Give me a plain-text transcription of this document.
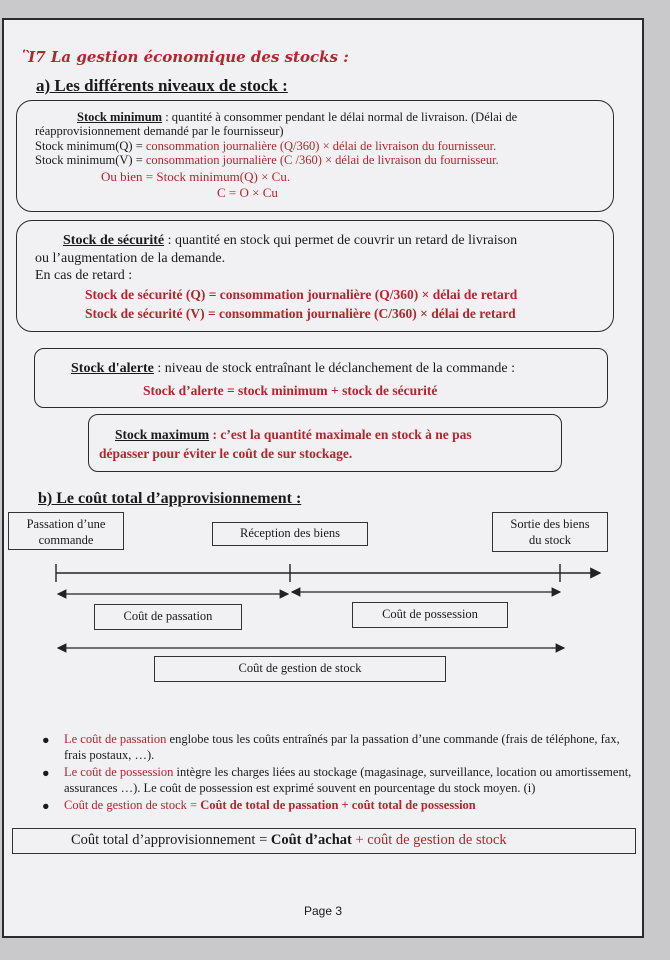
Ἳ7 La gestion économique des stocks :
a) Les différents niveaux de stock :
Stock minimum : quantité à consommer pendant le délai normal de livraison. (Délai de
réapprovisionnement demandé par le fournisseur)
Stock minimum(Q) = consommation journalière (Q/360) × délai de livraison du fournisseur.
Stock minimum(V) = consommation journalière (C /360) × délai de livraison du fournisseur.
Ou bien = Stock minimum(Q) × Cu.
C = O × Cu
Stock de sécurité : quantité en stock qui permet de couvrir un retard de livraison
ou l’augmentation de la demande.
En cas de retard :
Stock de sécurité (Q) = consommation journalière (Q/360) × délai de retard
Stock de sécurité (V) = consommation journalière (C/360) × délai de retard
Stock d'alerte : niveau de stock entraînant le déclanchement de la commande :
Stock d’alerte = stock minimum + stock de sécurité
Stock maximum : c’est la quantité maximale en stock à ne pas
dépasser pour éviter le coût de sur stockage.
b) Le coût total d’approvisionnement :
Passation d’une
commande	Réception des biens
Sortie des biens
du stock
Coût de passation	Coût de possession
Coût de gestion de stock
● Le coût de passation englobe tous les coûts entraînés par la passation d’une commande (frais de téléphone, fax, frais postaux, …).
● Le coût de possession intègre les charges liées au stockage (magasinage, surveillance, location ou amortissement, assurances …). Le coût de possession est exprimé souvent en pourcentage du stock moyen. (i)
● Coût de gestion de stock = Coût de total de passation + coût total de possession
Coût total d’approvisionnement = Coût d’achat + coût de gestion de stock
Page 3
